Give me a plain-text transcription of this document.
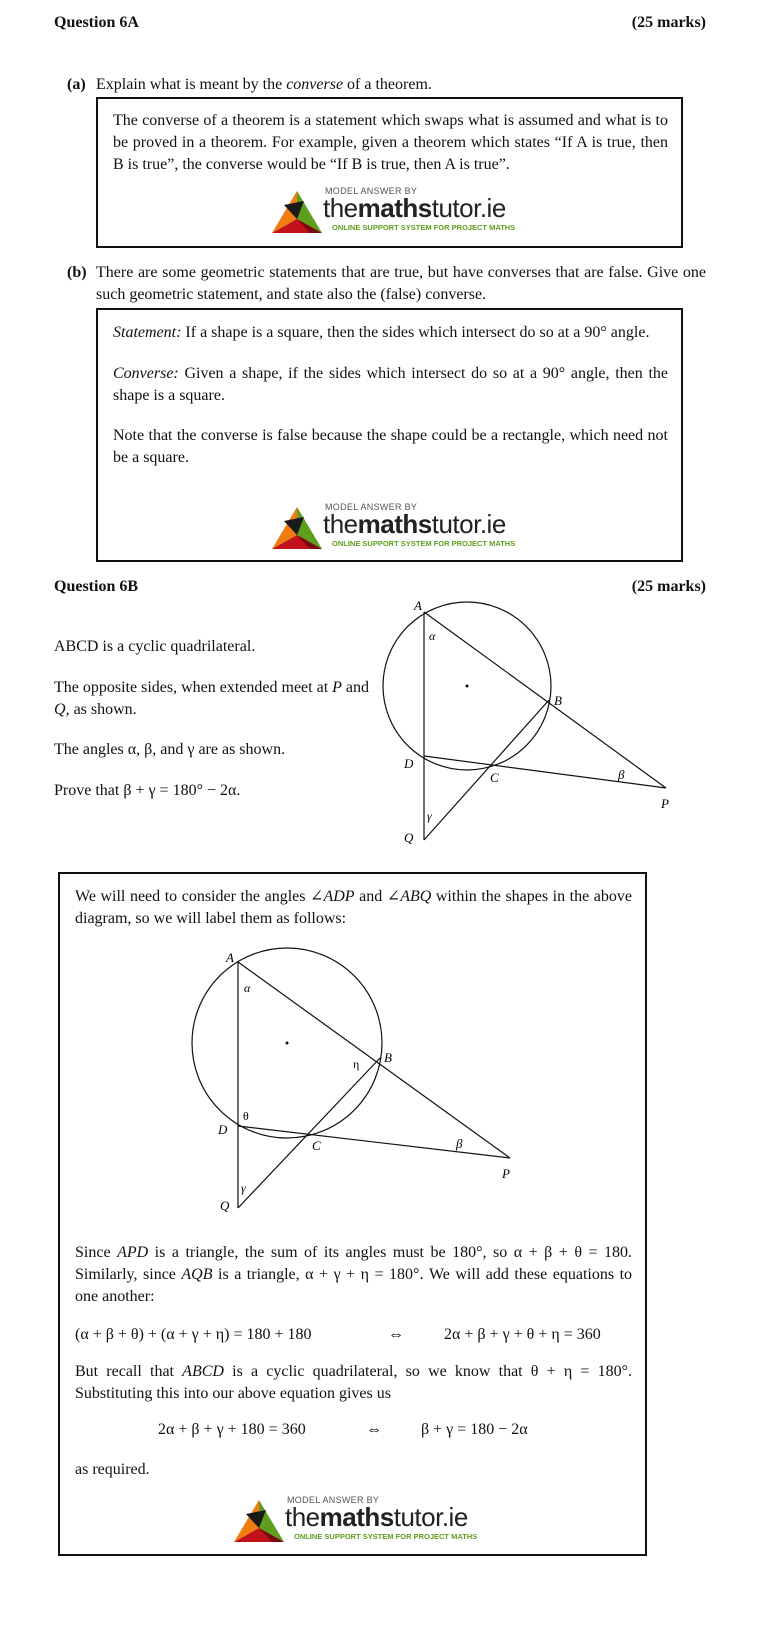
Question 6A	(25 marks)
(a) Explain what is meant by the converse of a theorem.
The converse of a theorem is a statement which swaps what is assumed and what is to be proved in a theorem. For example, given a theorem which states “If A is true, then B is true”, the converse would be “If B is true, then A is true”.
MODEL ANSWER BY
themathstutor.ie
ONLINE SUPPORT SYSTEM FOR PROJECT MATHS
(b) There are some geometric statements that are true, but have converses that are false. Give one such geometric statement, and state also the (false) converse.

Statement: If a shape is a square, then the sides which intersect do so at a 90° angle.

Converse: Given a shape, if the sides which intersect do so at a 90° angle, then the shape is a square.

Note that the converse is false because the shape could be a rectangle, which need not be a square.

MODEL ANSWER BY
themathstutor.ie
ONLINE SUPPORT SYSTEM FOR PROJECT MATHS
Question 6B	(25 marks)

ABCD is a cyclic quadrilateral.

The opposite sides, when extended meet at P and Q, as shown.

The angles α, β, and γ are as shown.

Prove that β + γ = 180° − 2α.

A
B
C
D
P
Q
α
β
γ
We will need to consider the angles ∠ADP and ∠ABQ within the shapes in the above diagram, so we will label them as follows:
A
B
C
D
P
Q
α
β
γ
θ
η
Since APD is a triangle, the sum of its angles must be 180°, so α + β + θ = 180. Similarly, since AQB is a triangle, α + γ + η = 180°. We will add these equations to one another:
(α + β + θ) + (α + γ + η) = 180 + 180	⇔	2α + β + γ + θ + η = 360
But recall that ABCD is a cyclic quadrilateral, so we know that θ + η = 180°. Substituting this into our above equation gives us
2α + β + γ + 180 = 360	⇔ β + γ = 180 − 2α
as required.
MODEL ANSWER BY
themathstutor.ie
ONLINE SUPPORT SYSTEM FOR PROJECT MATHS
